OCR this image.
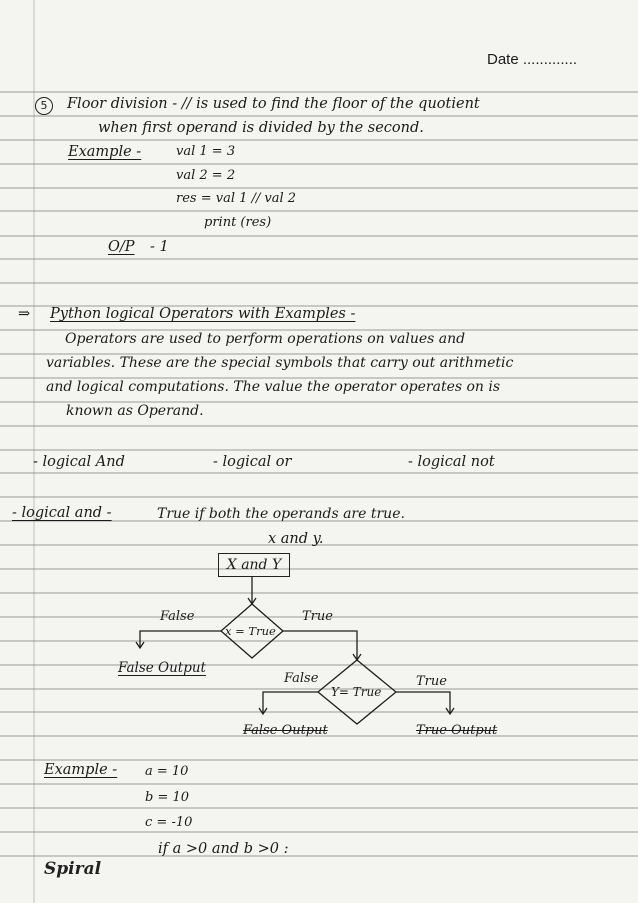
Date .............
5	Floor division - // is used to find the floor of the quotient
when first operand is divided by the second.
Example -	val 1 = 3
val 2 = 2
res = val 1 // val 2
print (res)
O/P - 1
⇒ Python logical Operators with Examples -
Operators are used to perform operations on values and
variables. These are the special symbols that carry out arithmetic
and logical computations. The value the operator operates on is
known as Operand.
- logical And	- logical or	- logical not
- logical and -	True if both the operands are true.
x and y.
X and Y
False	True
x = True
False Output
False	True
Y= True
False Output	True Output
Example - a = 10
b = 10
c = -10
if a >0 and b >0 :
Spiral
